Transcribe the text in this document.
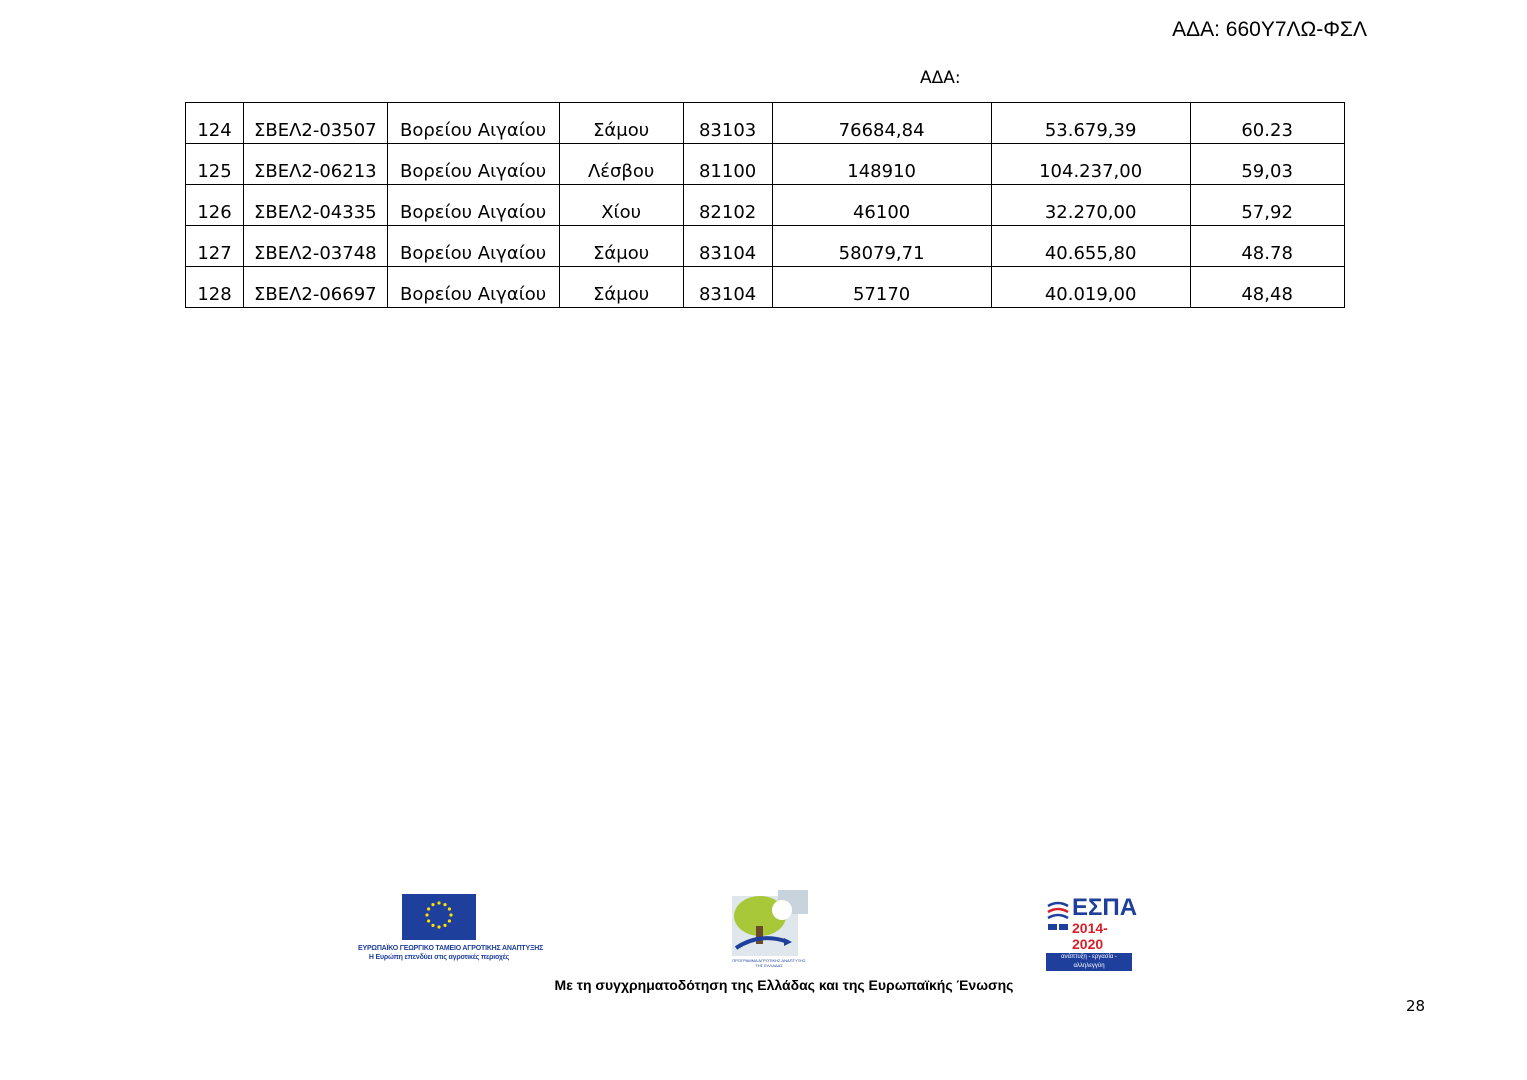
ΑΔΑ: 660Υ7ΛΩ-ΦΣΛ
ΑΔΑ:
124	ΣΒΕΛ2-03507	Βορείου Αιγαίου	Σάμου	83103	76684,84	53.679,39	60.23
125	ΣΒΕΛ2-06213	Βορείου Αιγαίου	Λέσβου	81100	148910	104.237,00	59,03
126	ΣΒΕΛ2-04335	Βορείου Αιγαίου	Χίου	82102	46100	32.270,00	57,92
127	ΣΒΕΛ2-03748	Βορείου Αιγαίου	Σάμου	83104	58079,71	40.655,80	48.78
128	ΣΒΕΛ2-06697	Βορείου Αιγαίου	Σάμου	83104	57170	40.019,00	48,48
ΕΥΡΩΠΑΪΚΟ ΓΕΩΡΓΙΚΟ ΤΑΜΕΙΟ ΑΓΡΟΤΙΚΗΣ ΑΝΑΠΤΥΞΗΣ
Η Ευρώπη επενδύει στις αγροτικές περιοχές	ΠΡΟΓΡΑΜΜΑ ΑΓΡΟΤΙΚΗΣ ΑΝΑΠΤΥΞΗΣ
ΤΗΣ ΕΛΛΑΔΑΣ
ΕΣΠΑ
2014-2020
ανάπτυξη - εργασία - αλληλεγγύη
Με τη συγχρηματοδότηση της Ελλάδας και της Ευρωπαϊκής Ένωσης
28
